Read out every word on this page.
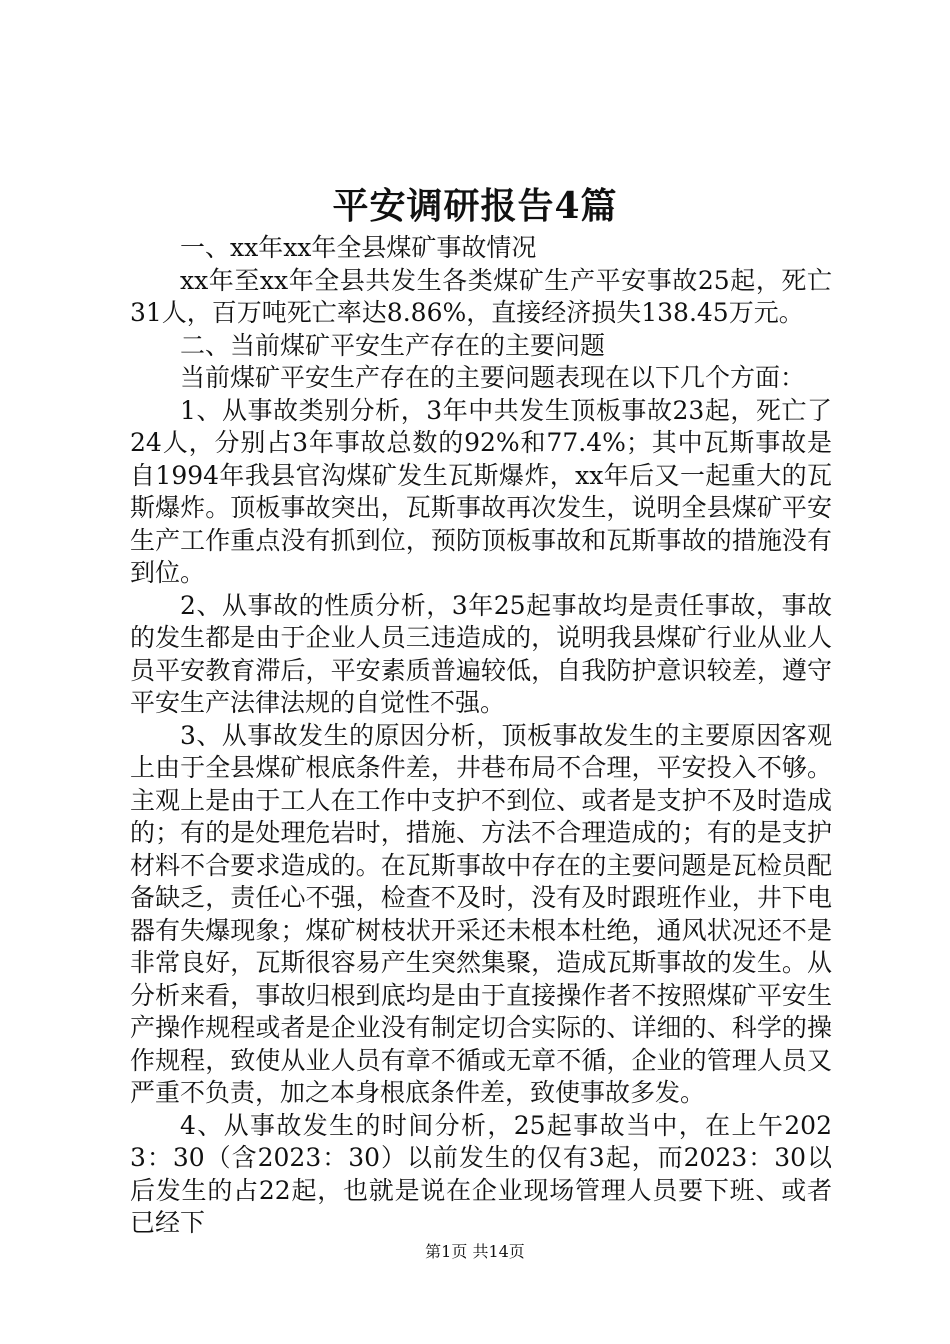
平安调研报告4篇

一、xx年xx年全县煤矿事故情况

xx年至xx年全县共发生各类煤矿生产平安事故25起，死亡31人，百万吨死亡率达8.86%，直接经济损失138.45万元。

二、当前煤矿平安生产存在的主要问题

当前煤矿平安生产存在的主要问题表现在以下几个方面：

1、从事故类别分析，3年中共发生顶板事故23起，死亡了24人，分别占3年事故总数的92%和77.4%；其中瓦斯事故是自1994年我县官沟煤矿发生瓦斯爆炸，xx年后又一起重大的瓦斯爆炸。顶板事故突出，瓦斯事故再次发生，说明全县煤矿平安生产工作重点没有抓到位，预防顶板事故和瓦斯事故的措施没有到位。

2、从事故的性质分析，3年25起事故均是责任事故，事故的发生都是由于企业人员三违造成的，说明我县煤矿行业从业人员平安教育滞后，平安素质普遍较低，自我防护意识较差，遵守平安生产法律法规的自觉性不强。

3、从事故发生的原因分析，顶板事故发生的主要原因客观上由于全县煤矿根底条件差，井巷布局不合理，平安投入不够。主观上是由于工人在工作中支护不到位、或者是支护不及时造成的；有的是处理危岩时，措施、方法不合理造成的；有的是支护材料不合要求造成的。在瓦斯事故中存在的主要问题是瓦检员配备缺乏，责任心不强，检查不及时，没有及时跟班作业，井下电器有失爆现象；煤矿树枝状开采还未根本杜绝，通风状况还不是非常良好，瓦斯很容易产生突然集聚，造成瓦斯事故的发生。从分析来看，事故归根到底均是由于直接操作者不按照煤矿平安生产操作规程或者是企业没有制定切合实际的、详细的、科学的操作规程，致使从业人员有章不循或无章不循，企业的管理人员又严重不负责，加之本身根底条件差，致使事故多发。

4、从事故发生的时间分析，25起事故当中，在上午2023：30（含2023：30）以前发生的仅有3起，而2023：30以后发生的占22起，也就是说在企业现场管理人员要下班、或者已经下

第1页 共14页
